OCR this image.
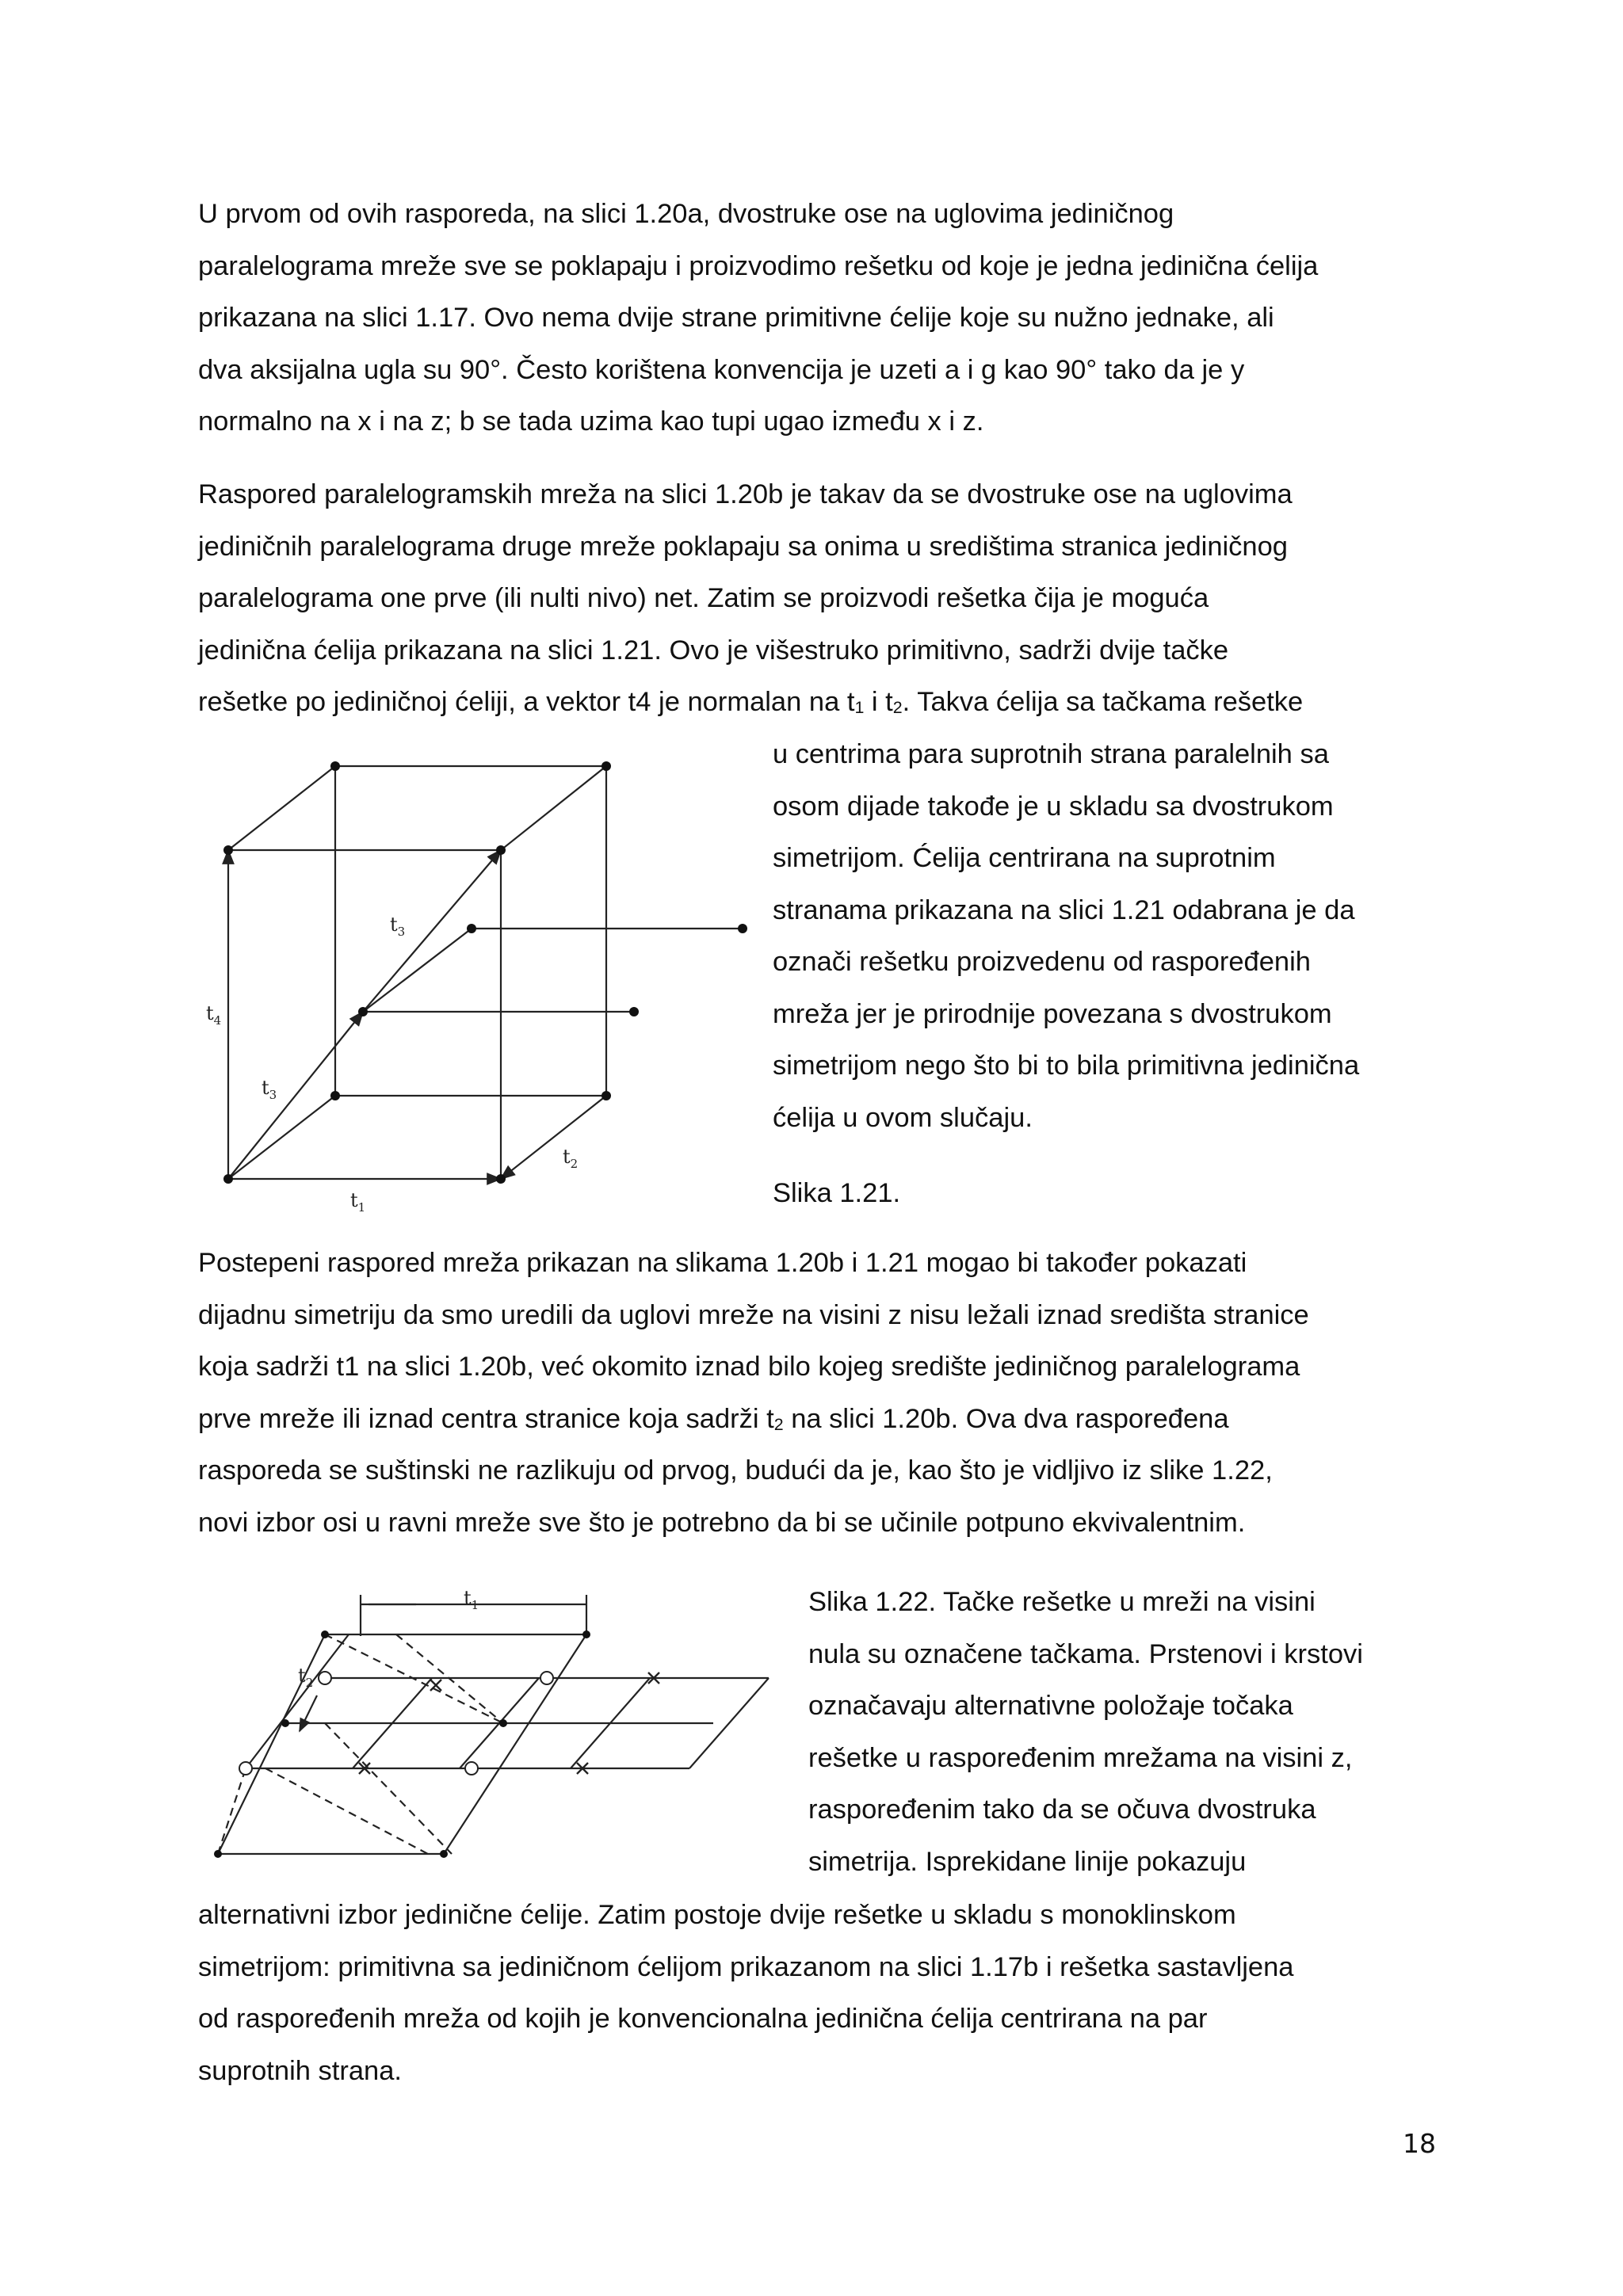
U prvom od ovih rasporeda, na slici 1.20a, dvostruke ose na uglovima jediničnog
paralelograma mreže sve se poklapaju i proizvodimo rešetku od koje je jedna jedinična ćelija
prikazana na slici 1.17. Ovo nema dvije strane primitivne ćelije koje su nužno jednake, ali
dva aksijalna ugla su 90°. Često korištena konvencija je uzeti a i g kao 90° tako da je y
normalno na x i na z; b se tada uzima kao tupi ugao između x i z.

Raspored paralelogramskih mreža na slici 1.20b je takav da se dvostruke ose na uglovima
jediničnih paralelograma druge mreže poklapaju sa onima u središtima stranica jediničnog
paralelograma one prve (ili nulti nivo) net. Zatim se proizvodi rešetka čija je moguća
jedinična ćelija prikazana na slici 1.21. Ovo je višestruko primitivno, sadrži dvije tačke
rešetke po jediničnoj ćeliji, a vektor t4 je normalan na $t_1$ i $t_2$. Takva ćelija sa tačkama rešetke

$t_3$
$t_4$
$t_3$
$t_2$
$t_1$

u centrima para suprotnih strana paralelnih sa
osom dijade takođe je u skladu sa dvostrukom
simetrijom. Ćelija centrirana na suprotnim
stranama prikazana na slici 1.21 odabrana je da
označi rešetku proizvedenu od raspoređenih
mreža jer je prirodnije povezana s dvostrukom
simetrijom nego što bi to bila primitivna jedinična
ćelija u ovom slučaju.

Slika 1.21.

Postepeni raspored mreža prikazan na slikama 1.20b i 1.21 mogao bi također pokazati
dijadnu simetriju da smo uredili da uglovi mreže na visini z nisu ležali iznad središta stranice
koja sadrži t1 na slici 1.20b, već okomito iznad bilo kojeg središte jediničnog paralelograma
prve mreže ili iznad centra stranice koja sadrži $t_2$ na slici 1.20b. Ova dva raspoređena
rasporeda se suštinski ne razlikuju od prvog, budući da je, kao što je vidljivo iz slike 1.22,
novi izbor osi u ravni mreže sve što je potrebno da bi se učinile potpuno ekvivalentnim.

$t_1$
$t_2$

Slika 1.22. Tačke rešetke u mreži na visini
nula su označene tačkama. Prstenovi i krstovi
označavaju alternativne položaje točaka
rešetke u raspoređenim mrežama na visini z,
raspoređenim tako da se očuva dvostruka
simetrija. Isprekidane linije pokazuju

alternativni izbor jedinične ćelije. Zatim postoje dvije rešetke u skladu s monoklinskom
simetrijom: primitivna sa jediničnom ćelijom prikazanom na slici 1.17b i rešetka sastavljena
od raspoređenih mreža od kojih je konvencionalna jedinična ćelija centrirana na par
suprotnih strana.

18
